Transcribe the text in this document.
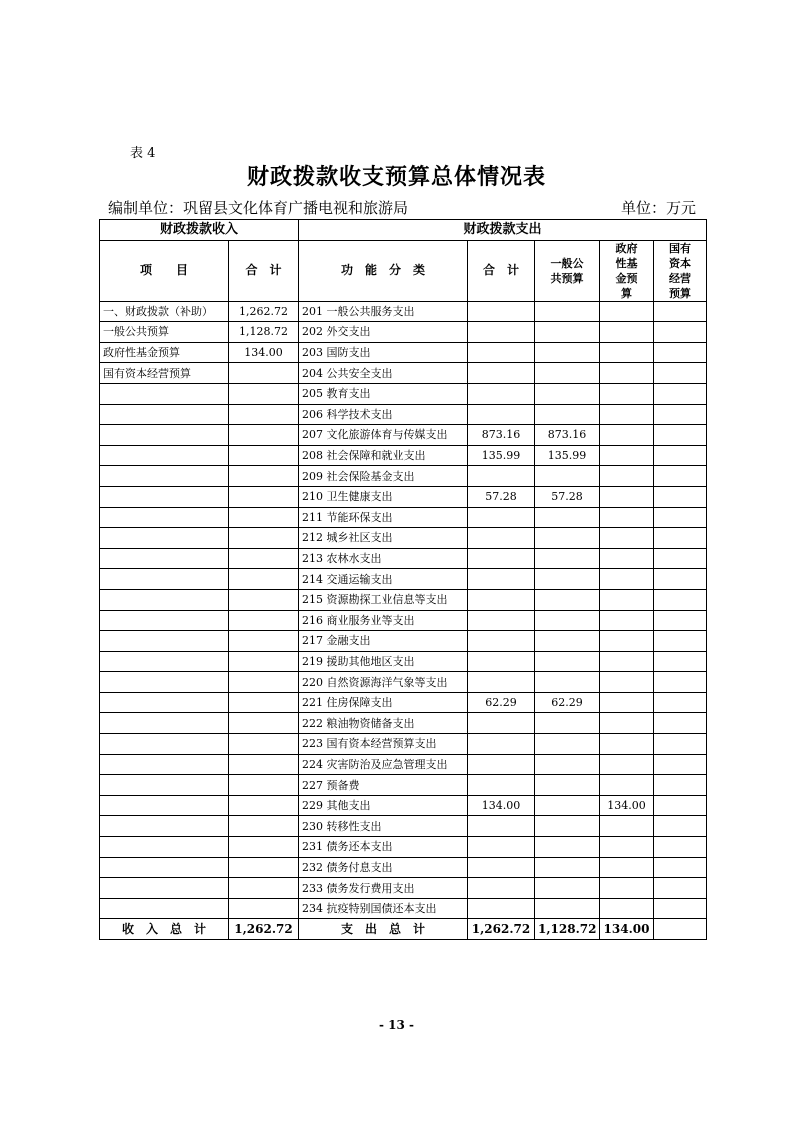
表 4
财政拨款收支预算总体情况表
编制单位：巩留县文化体育广播电视和旅游局	单位：万元
财政拨款收入		财政拨款支出				
项　　目	合　计	功　能　分　类	合　计	一般公共预算	政府性基金预算	国有资本经营预算

一、财政拨款（补助）	1,262.72	201 一般公共服务支出				
一般公共预算	1,128.72	202 外交支出				
政府性基金预算	134.00	203 国防支出				
国有资本经营预算		204 公共安全支出				
		205 教育支出				
		206 科学技术支出				
		207 文化旅游体育与传媒支出	873.16	873.16		
		208 社会保障和就业支出	135.99	135.99		
		209 社会保险基金支出				
		210 卫生健康支出	57.28	57.28		
		211 节能环保支出				
		212 城乡社区支出				
		213 农林水支出				
		214 交通运输支出				
		215 资源勘探工业信息等支出				
		216 商业服务业等支出				
		217 金融支出				
		219 援助其他地区支出				
		220 自然资源海洋气象等支出				
		221 住房保障支出	62.29	62.29		
		222 粮油物资储备支出				
		223 国有资本经营预算支出				
		224 灾害防治及应急管理支出				
		227 预备费				
		229 其他支出	134.00		134.00	
		230 转移性支出				
		231 债务还本支出				
		232 债务付息支出				
		233 债务发行费用支出				
		234 抗疫特别国债还本支出				
收　入　总　计	1,262.72	支　出　总　计	1,262.72	1,128.72	134.00	
- 13 -
